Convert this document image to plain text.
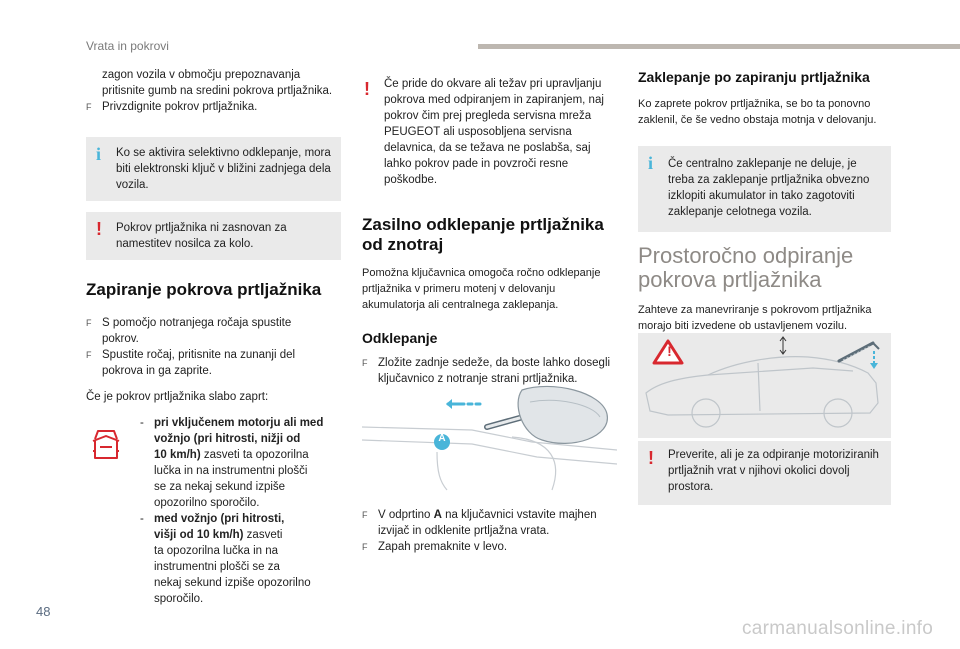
Vrata in pokrovi

zagon vozila v območju prepoznavanja

pritisnite gumb na sredini pokrova prtljažnika.

F Privzdignite pokrov prtljažnika.
i Ko se aktivira selektivno odklepanje, mora biti elektronski ključ v bližini zadnjega dela vozila.
! Pokrov prtljažnika ni zasnovan za namestitev nosilca za kolo.
Zapiranje pokrova prtljažnika
F S pomočjo notranjega ročaja spustite

pokrov.

F Spustite ročaj, pritisnite na zunanji del

pokrova in ga zaprite.

Če je pokrov prtljažnika slabo zaprt:

- pri vključenem motorju ali med
vožnjo (pri hitrosti, nižji od
10 km/h) zasveti ta opozorilna
lučka in na instrumentni plošči
se za nekaj sekund izpiše
opozorilno sporočilo.
- med vožnjo (pri hitrosti,
višji od 10 km/h) zasveti
ta opozorilna lučka in na
instrumentni plošči se za
nekaj sekund izpiše opozorilno
sporočilo.
! Če pride do okvare ali težav pri upravljanju pokrova med odpiranjem in zapiranjem, naj pokrov čim prej pregleda servisna mreža PEUGEOT ali usposobljena servisna delavnica, da se težava ne poslabša, saj lahko pokrov pade in povzroči resne poškodbe.
Zasilno odklepanje prtljažnika
od znotraj

Pomožna ključavnica omogoča ročno odklepanje prtljažnika v primeru motenj v delovanju akumulatorja ali centralnega zaklepanja.

Odklepanje
F Zložite zadnje sedeže, da boste lahko dosegli ključavnico z notranje strani prtljažnika.
A
F V odprtino A na ključavnici vstavite majhen izvijač in odklenite prtljažna vrata.
F Zapah premaknite v levo.
Zaklepanje po zapiranju prtljažnika

Ko zaprete pokrov prtljažnika, se bo ta ponovno zaklenil, če še vedno obstaja motnja v delovanju.

i Če centralno zaklepanje ne deluje, je treba za zaklepanje prtljažnika obvezno izklopiti akumulator in tako zagotoviti zaklepanje celotnega vozila.
Prostoročno odpiranje
pokrova prtljažnika

Zahteve za manevriranje s pokrovom prtljažnika morajo biti izvedene ob ustavljenem vozilu.

!
! Preverite, ali je za odpiranje motoriziranih prtljažnih vrat v njihovi okolici dovolj prostora.
48
carmanualsonline.info
